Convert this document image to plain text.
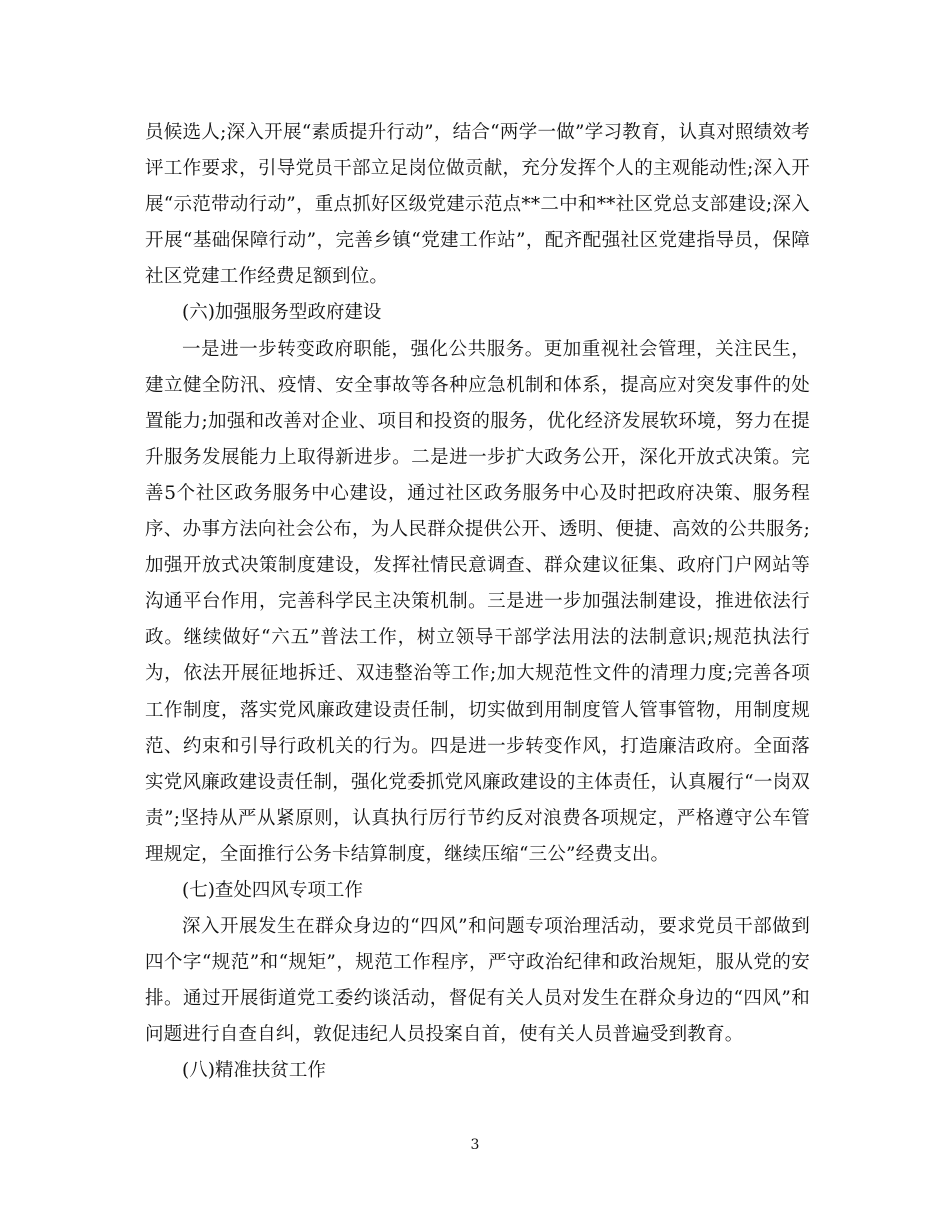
员候选人;深入开展“素质提升行动”，结合“两学一做”学习教育，认真对照绩效考评工作要求，引导党员干部立足岗位做贡献，充分发挥个人的主观能动性;深入开展“示范带动行动”，重点抓好区级党建示范点**二中和**社区党总支部建设;深入开展“基础保障行动”，完善乡镇“党建工作站”，配齐配强社区党建指导员，保障社区党建工作经费足额到位。

(六)加强服务型政府建设

一是进一步转变政府职能，强化公共服务。更加重视社会管理，关注民生，建立健全防汛、疫情、安全事故等各种应急机制和体系，提高应对突发事件的处置能力;加强和改善对企业、项目和投资的服务，优化经济发展软环境，努力在提升服务发展能力上取得新进步。二是进一步扩大政务公开，深化开放式决策。完善5个社区政务服务中心建设，通过社区政务服务中心及时把政府决策、服务程序、办事方法向社会公布，为人民群众提供公开、透明、便捷、高效的公共服务;加强开放式决策制度建设，发挥社情民意调查、群众建议征集、政府门户网站等沟通平台作用，完善科学民主决策机制。三是进一步加强法制建设，推进依法行政。继续做好“六五”普法工作，树立领导干部学法用法的法制意识;规范执法行为，依法开展征地拆迁、双违整治等工作;加大规范性文件的清理力度;完善各项工作制度，落实党风廉政建设责任制，切实做到用制度管人管事管物，用制度规范、约束和引导行政机关的行为。四是进一步转变作风，打造廉洁政府。全面落实党风廉政建设责任制，强化党委抓党风廉政建设的主体责任，认真履行“一岗双责”;坚持从严从紧原则，认真执行厉行节约反对浪费各项规定，严格遵守公车管理规定，全面推行公务卡结算制度，继续压缩“三公”经费支出。

(七)查处四风专项工作

深入开展发生在群众身边的“四风”和问题专项治理活动，要求党员干部做到四个字“规范”和“规矩”，规范工作程序，严守政治纪律和政治规矩，服从党的安排。通过开展街道党工委约谈活动，督促有关人员对发生在群众身边的“四风”和问题进行自查自纠，敦促违纪人员投案自首，使有关人员普遍受到教育。

(八)精准扶贫工作

3
